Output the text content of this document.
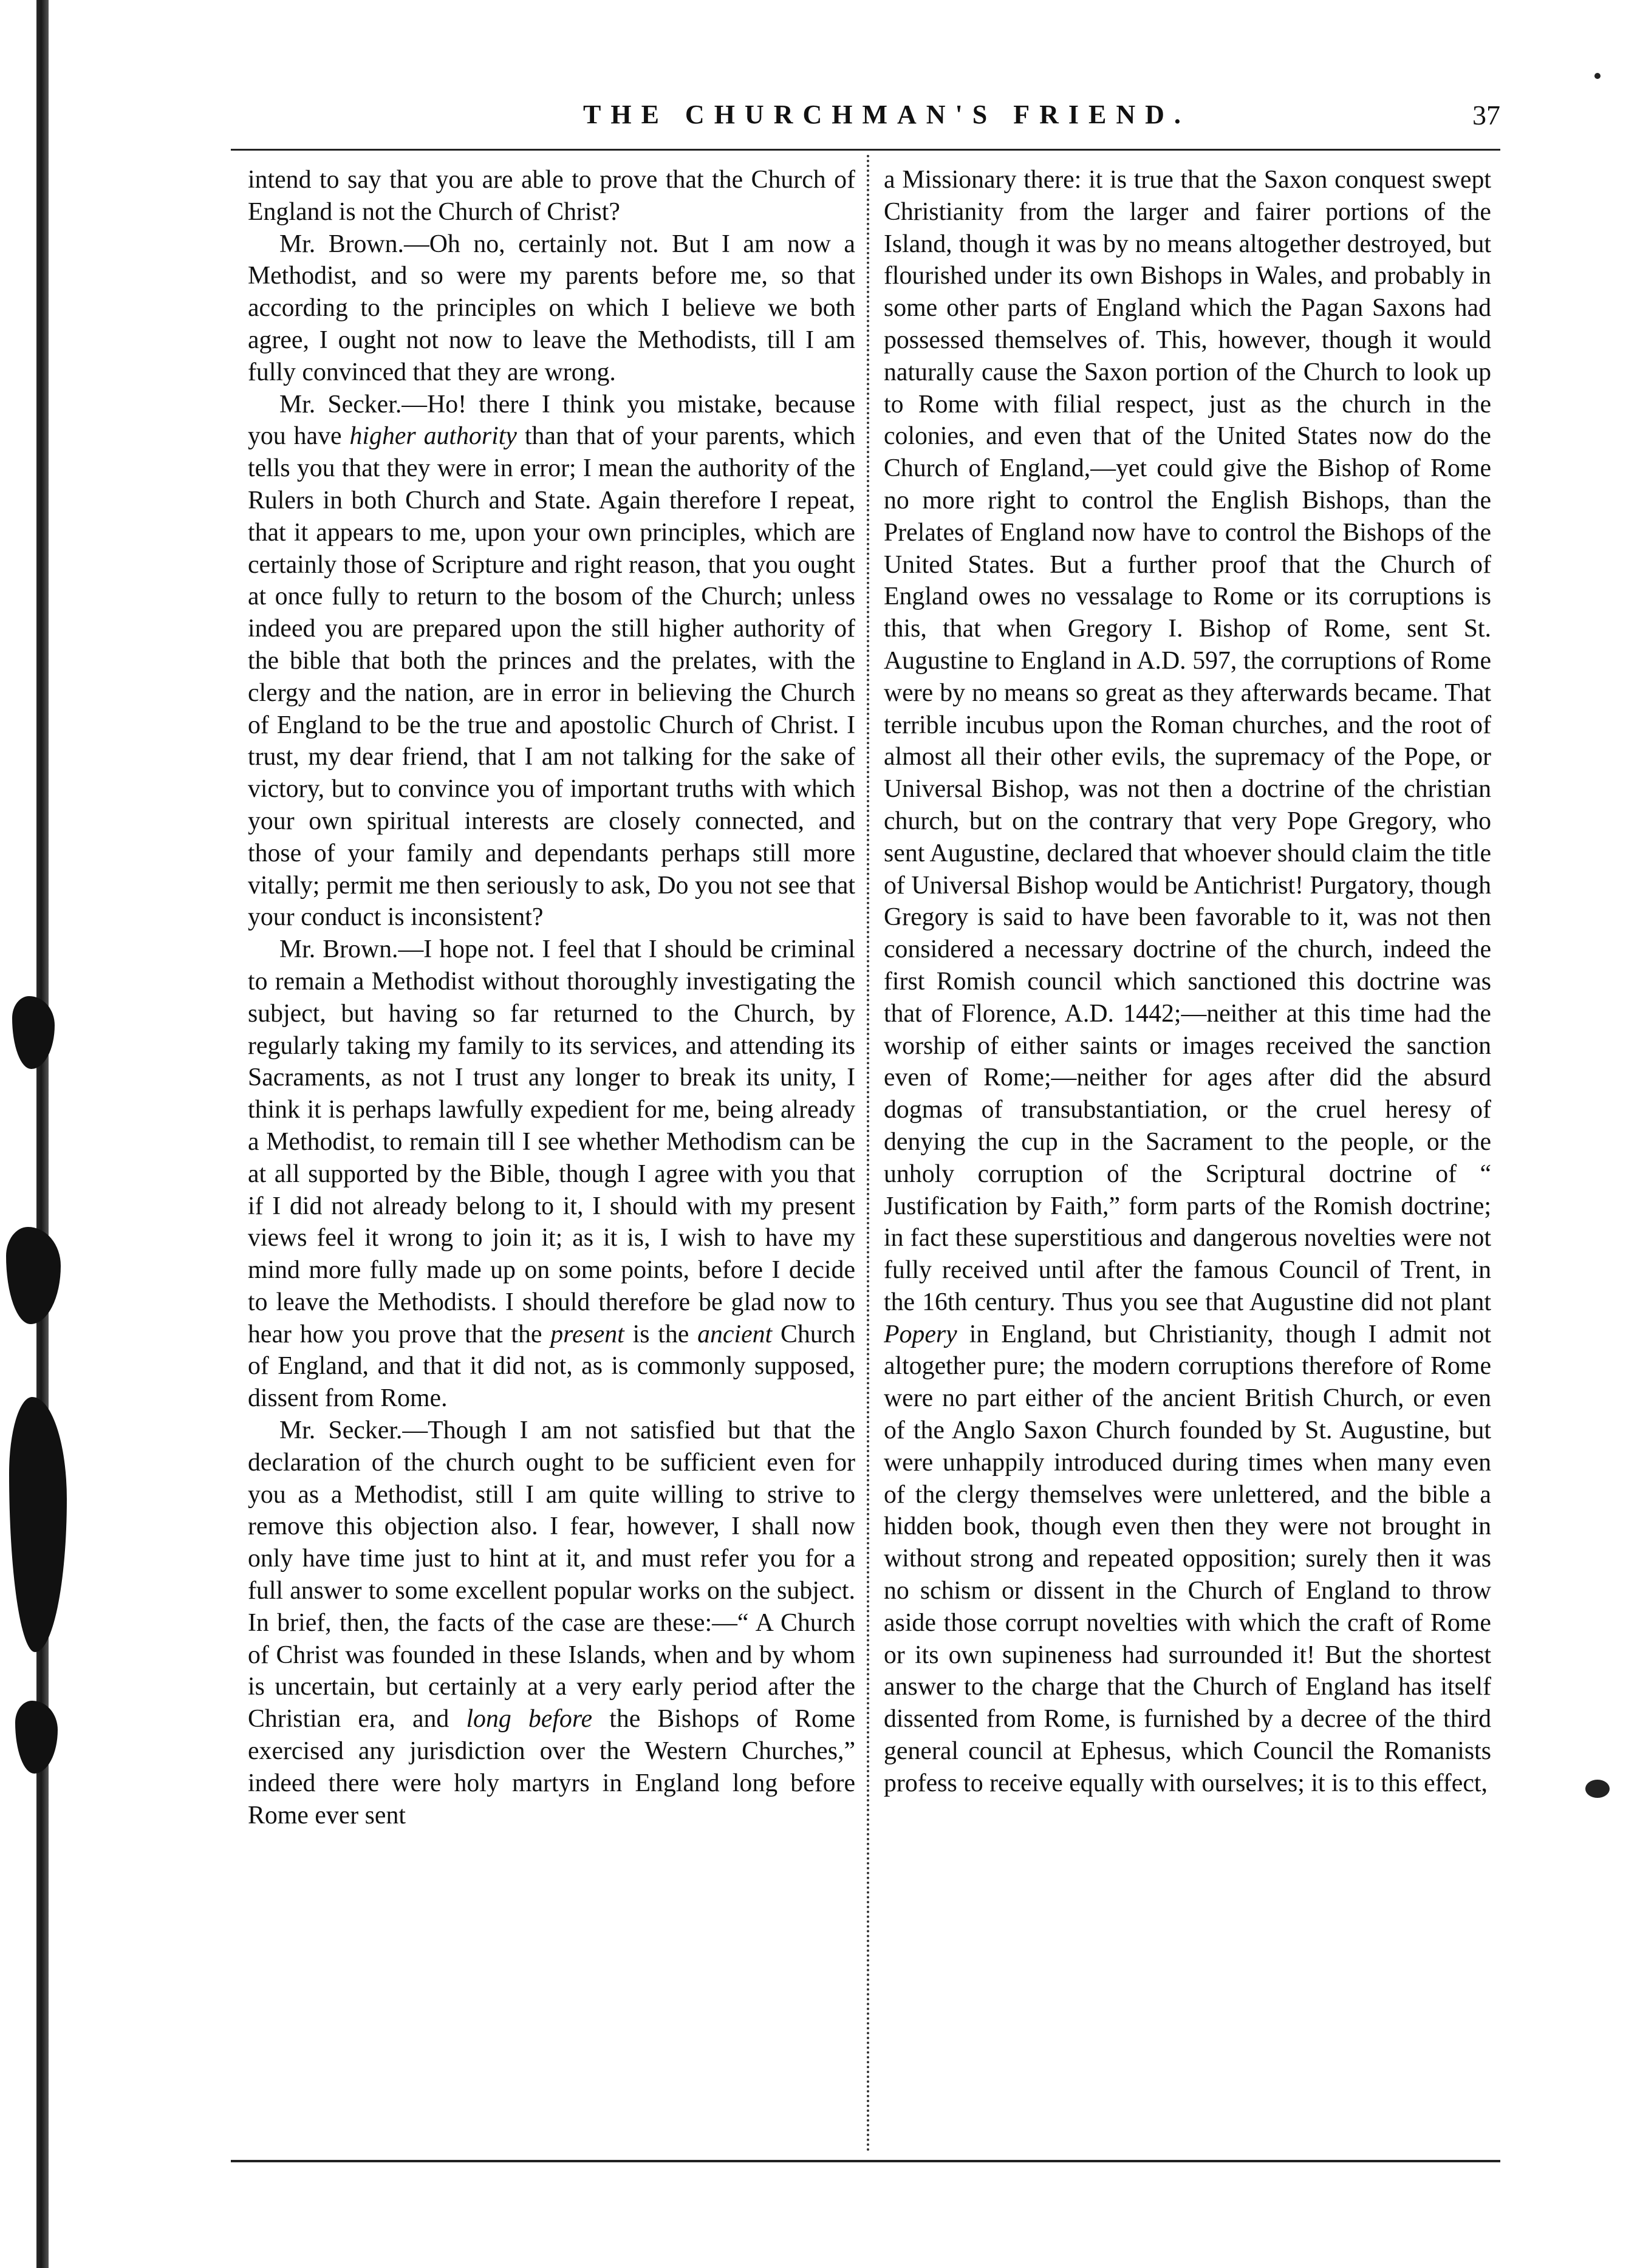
THE CHURCHMAN'S FRIEND.	37

intend to say that you are able to prove that the Church of England is not the Church of Christ?

Mr. Brown.—Oh no, certainly not. But I am now a Methodist, and so were my parents before me, so that according to the principles on which I believe we both agree, I ought not now to leave the Methodists, till I am fully convinced that they are wrong.

Mr. Secker.—Ho! there I think you mistake, because you have higher authority than that of your parents, which tells you that they were in error; I mean the authority of the Rulers in both Church and State. Again therefore I repeat, that it appears to me, upon your own principles, which are certainly those of Scripture and right reason, that you ought at once fully to return to the bosom of the Church; unless indeed you are prepared upon the still higher authority of the bible that both the princes and the prelates, with the clergy and the nation, are in error in believing the Church of England to be the true and apostolic Church of Christ. I trust, my dear friend, that I am not talking for the sake of victory, but to convince you of important truths with which your own spiritual interests are closely connected, and those of your family and dependants perhaps still more vitally; permit me then seriously to ask, Do you not see that your conduct is inconsistent?

Mr. Brown.—I hope not. I feel that I should be criminal to remain a Methodist without thoroughly investigating the subject, but having so far returned to the Church, by regularly taking my family to its services, and attending its Sacraments, as not I trust any longer to break its unity, I think it is perhaps lawfully expedient for me, being already a Methodist, to remain till I see whether Methodism can be at all supported by the Bible, though I agree with you that if I did not already belong to it, I should with my present views feel it wrong to join it; as it is, I wish to have my mind more fully made up on some points, before I decide to leave the Methodists. I should therefore be glad now to hear how you prove that the present is the ancient Church of England, and that it did not, as is commonly supposed, dissent from Rome.

Mr. Secker.—Though I am not satisfied but that the declaration of the church ought to be sufficient even for you as a Methodist, still I am quite willing to strive to remove this objection also. I fear, however, I shall now only have time just to hint at it, and must refer you for a full answer to some excellent popular works on the subject. In brief, then, the facts of the case are these:—“ A Church of Christ was founded in these Islands, when and by whom is uncertain, but certainly at a very early period after the Christian era, and long before the Bishops of Rome exercised any jurisdiction over the Western Churches,” indeed there were holy martyrs in England long before Rome ever sent

a Missionary there: it is true that the Saxon conquest swept Christianity from the larger and fairer portions of the Island, though it was by no means altogether destroyed, but flourished under its own Bishops in Wales, and probably in some other parts of England which the Pagan Saxons had possessed themselves of. This, however, though it would naturally cause the Saxon portion of the Church to look up to Rome with filial respect, just as the church in the colonies, and even that of the United States now do the Church of England,—yet could give the Bishop of Rome no more right to control the English Bishops, than the Prelates of England now have to control the Bishops of the United States. But a further proof that the Church of England owes no vessalage to Rome or its corruptions is this, that when Gregory I. Bishop of Rome, sent St. Augustine to England in A.D. 597, the corruptions of Rome were by no means so great as they afterwards became. That terrible incubus upon the Roman churches, and the root of almost all their other evils, the supremacy of the Pope, or Universal Bishop, was not then a doctrine of the christian church, but on the contrary that very Pope Gregory, who sent Augustine, declared that whoever should claim the title of Universal Bishop would be Antichrist! Purgatory, though Gregory is said to have been favorable to it, was not then considered a necessary doctrine of the church, indeed the first Romish council which sanctioned this doctrine was that of Florence, A.D. 1442;—neither at this time had the worship of either saints or images received the sanction even of Rome;—neither for ages after did the absurd dogmas of transubstantiation, or the cruel heresy of denying the cup in the Sacrament to the people, or the unholy corruption of the Scriptural doctrine of “ Justification by Faith,” form parts of the Romish doctrine; in fact these superstitious and dangerous novelties were not fully received until after the famous Council of Trent, in the 16th century. Thus you see that Augustine did not plant Popery in England, but Christianity, though I admit not altogether pure; the modern corruptions therefore of Rome were no part either of the ancient British Church, or even of the Anglo Saxon Church founded by St. Augustine, but were unhappily introduced during times when many even of the clergy themselves were unlettered, and the bible a hidden book, though even then they were not brought in without strong and repeated opposition; surely then it was no schism or dissent in the Church of England to throw aside those corrupt novelties with which the craft of Rome or its own supineness had surrounded it! But the shortest answer to the charge that the Church of England has itself dissented from Rome, is furnished by a decree of the third general council at Ephesus, which Council the Romanists profess to receive equally with ourselves; it is to this effect,
